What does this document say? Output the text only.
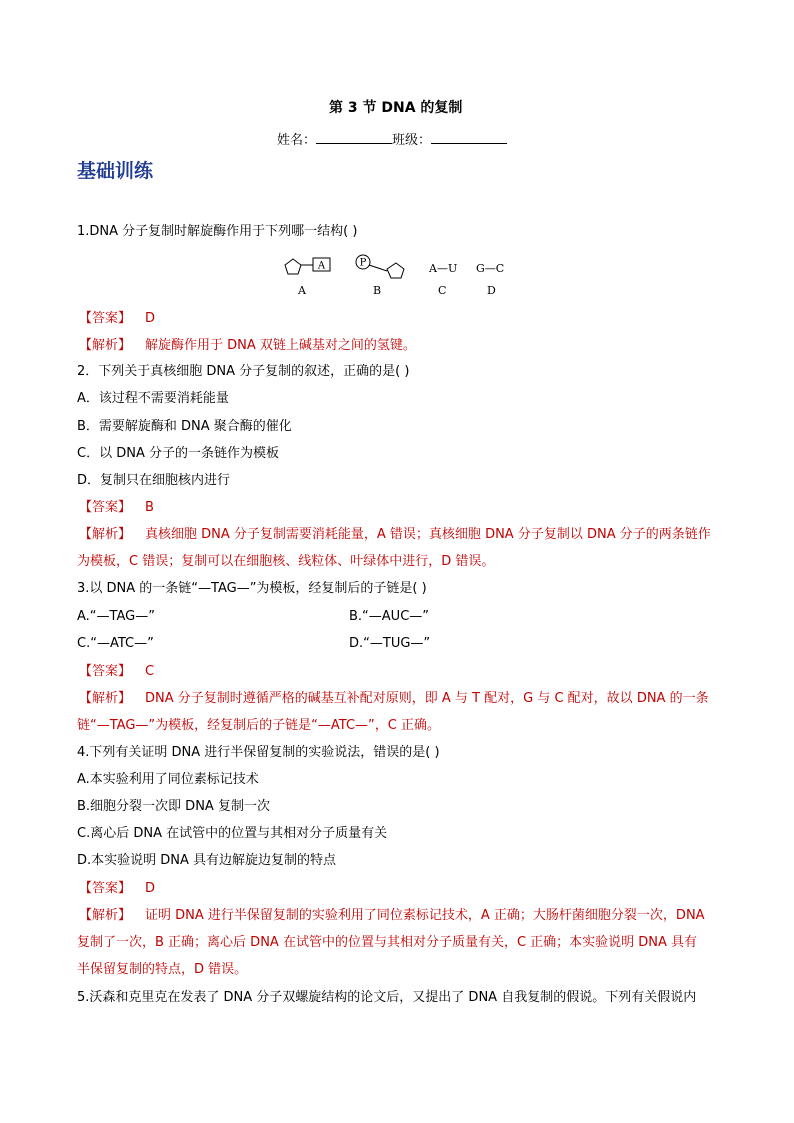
第 3 节 DNA 的复制
姓名：	班级：
基础训练
1.DNA 分子复制时解旋酶作用于下列哪一结构( )
A	P	A—U G—C
A	B	C	D
【答案】 D
【解析】 解旋酶作用于 DNA 双链上碱基对之间的氢键。
2．下列关于真核细胞 DNA 分子复制的叙述，正确的是( )
A．该过程不需要消耗能量
B．需要解旋酶和 DNA 聚合酶的催化
C．以 DNA 分子的一条链作为模板
D．复制只在细胞核内进行
【答案】 B
【解析】 真核细胞 DNA 分子复制需要消耗能量，A 错误；真核细胞 DNA 分子复制以 DNA 分子的两条链作
为模板，C 错误；复制可以在细胞核、线粒体、叶绿体中进行，D 错误。
3.以 DNA 的一条链“—TAG—”为模板，经复制后的子链是( )
A.“—TAG—”	B.“—AUC—”
C.“—ATC—”	D.“—TUG—”
【答案】 C
【解析】 DNA 分子复制时遵循严格的碱基互补配对原则，即 A 与 T 配对，G 与 C 配对，故以 DNA 的一条
链“—TAG—”为模板，经复制后的子链是“—ATC—”，C 正确。
4.下列有关证明 DNA 进行半保留复制的实验说法，错误的是( )
A.本实验利用了同位素标记技术
B.细胞分裂一次即 DNA 复制一次
C.离心后 DNA 在试管中的位置与其相对分子质量有关
D.本实验说明 DNA 具有边解旋边复制的特点
【答案】 D
【解析】 证明 DNA 进行半保留复制的实验利用了同位素标记技术，A 正确；大肠杆菌细胞分裂一次，DNA
复制了一次，B 正确；离心后 DNA 在试管中的位置与其相对分子质量有关，C 正确；本实验说明 DNA 具有
半保留复制的特点，D 错误。
5.沃森和克里克在发表了 DNA 分子双螺旋结构的论文后，又提出了 DNA 自我复制的假说。下列有关假说内
